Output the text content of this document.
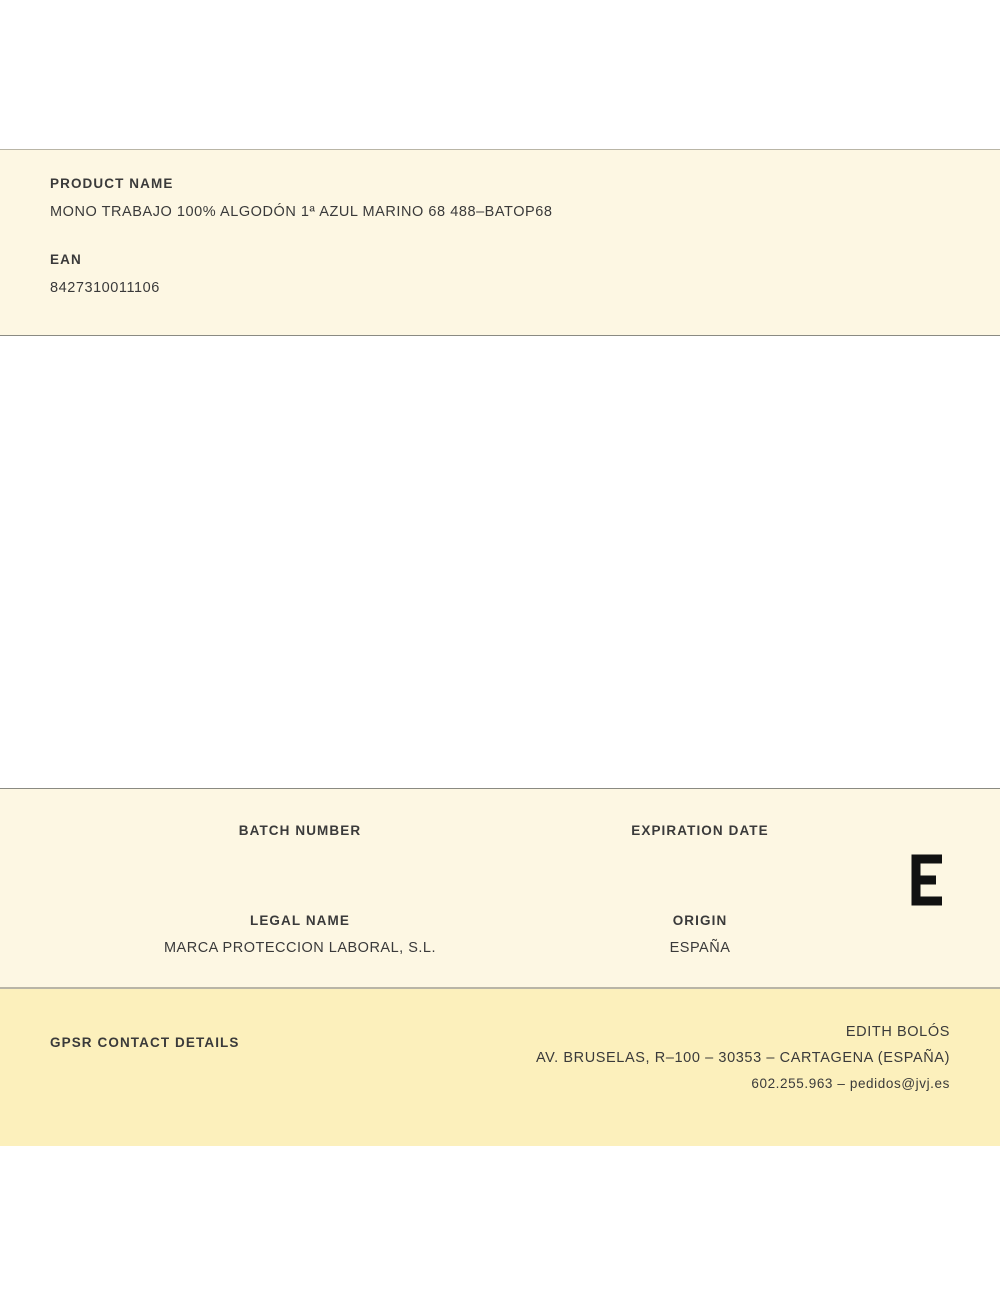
PRODUCT NAME
MONO TRABAJO 100% ALGODÓN 1ª AZUL MARINO 68 488–BATOP68
EAN
8427310011106
BATCH NUMBER	EXPIRATION DATE
LEGAL NAME
MARCA PROTECCION LABORAL, S.L.
ORIGIN
ESPAÑA
GPSR CONTACT DETAILS
EDITH BOLÓS
AV. BRUSELAS, R–100 – 30353 – CARTAGENA (ESPAÑA)
602.255.963 – pedidos@jvj.es
